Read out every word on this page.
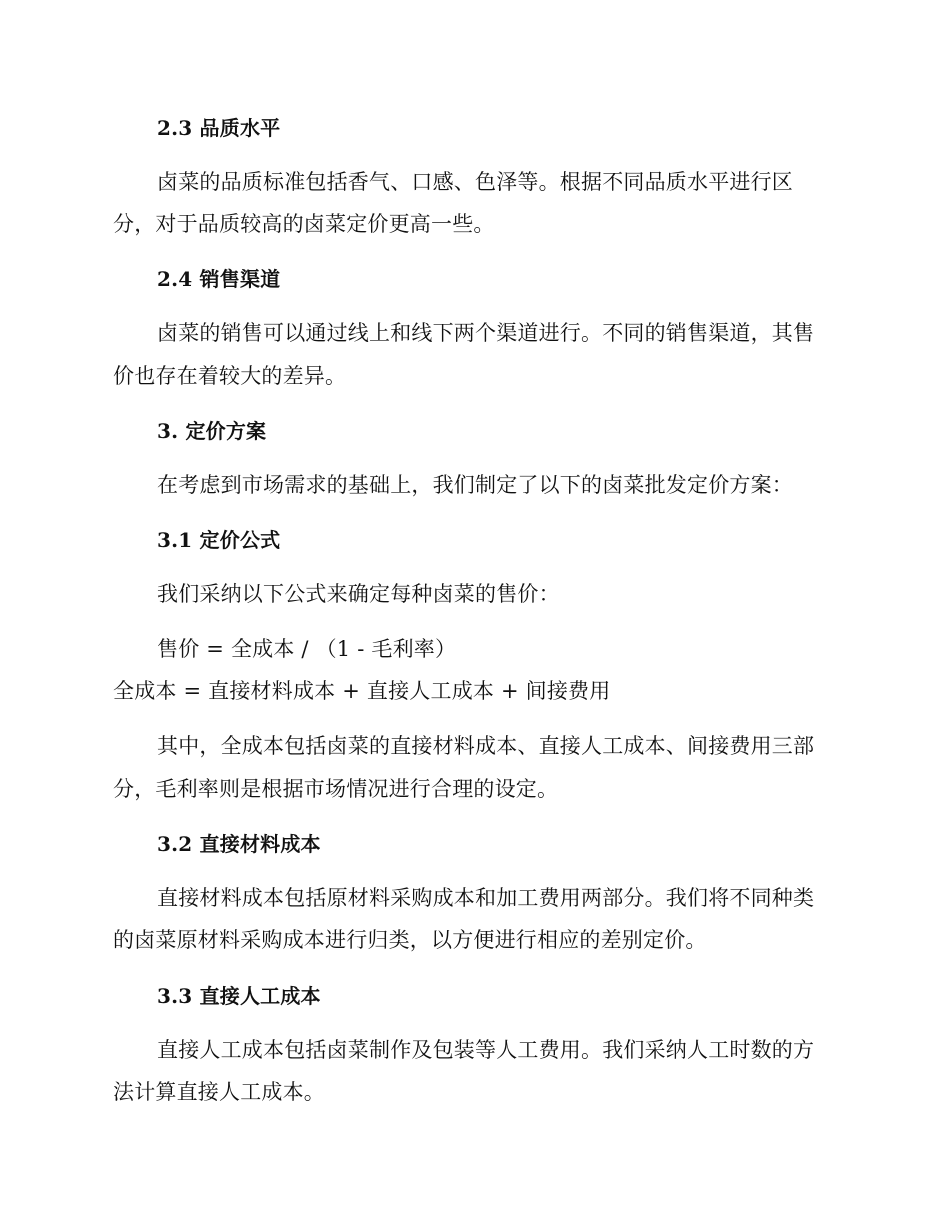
2.3 品质水平
卤菜的品质标准包括香气、口感、色泽等。根据不同品质水平进行区
分，对于品质较高的卤菜定价更高一些。
2.4 销售渠道
卤菜的销售可以通过线上和线下两个渠道进行。不同的销售渠道，其售
价也存在着较大的差异。
3. 定价方案
在考虑到市场需求的基础上，我们制定了以下的卤菜批发定价方案：
3.1 定价公式
我们采纳以下公式来确定每种卤菜的售价：
售价 = 全成本 / （1 - 毛利率）
全成本 = 直接材料成本 + 直接人工成本 + 间接费用
其中，全成本包括卤菜的直接材料成本、直接人工成本、间接费用三部
分，毛利率则是根据市场情况进行合理的设定。
3.2 直接材料成本
直接材料成本包括原材料采购成本和加工费用两部分。我们将不同种类
的卤菜原材料采购成本进行归类，以方便进行相应的差别定价。
3.3 直接人工成本
直接人工成本包括卤菜制作及包装等人工费用。我们采纳人工时数的方
法计算直接人工成本。
